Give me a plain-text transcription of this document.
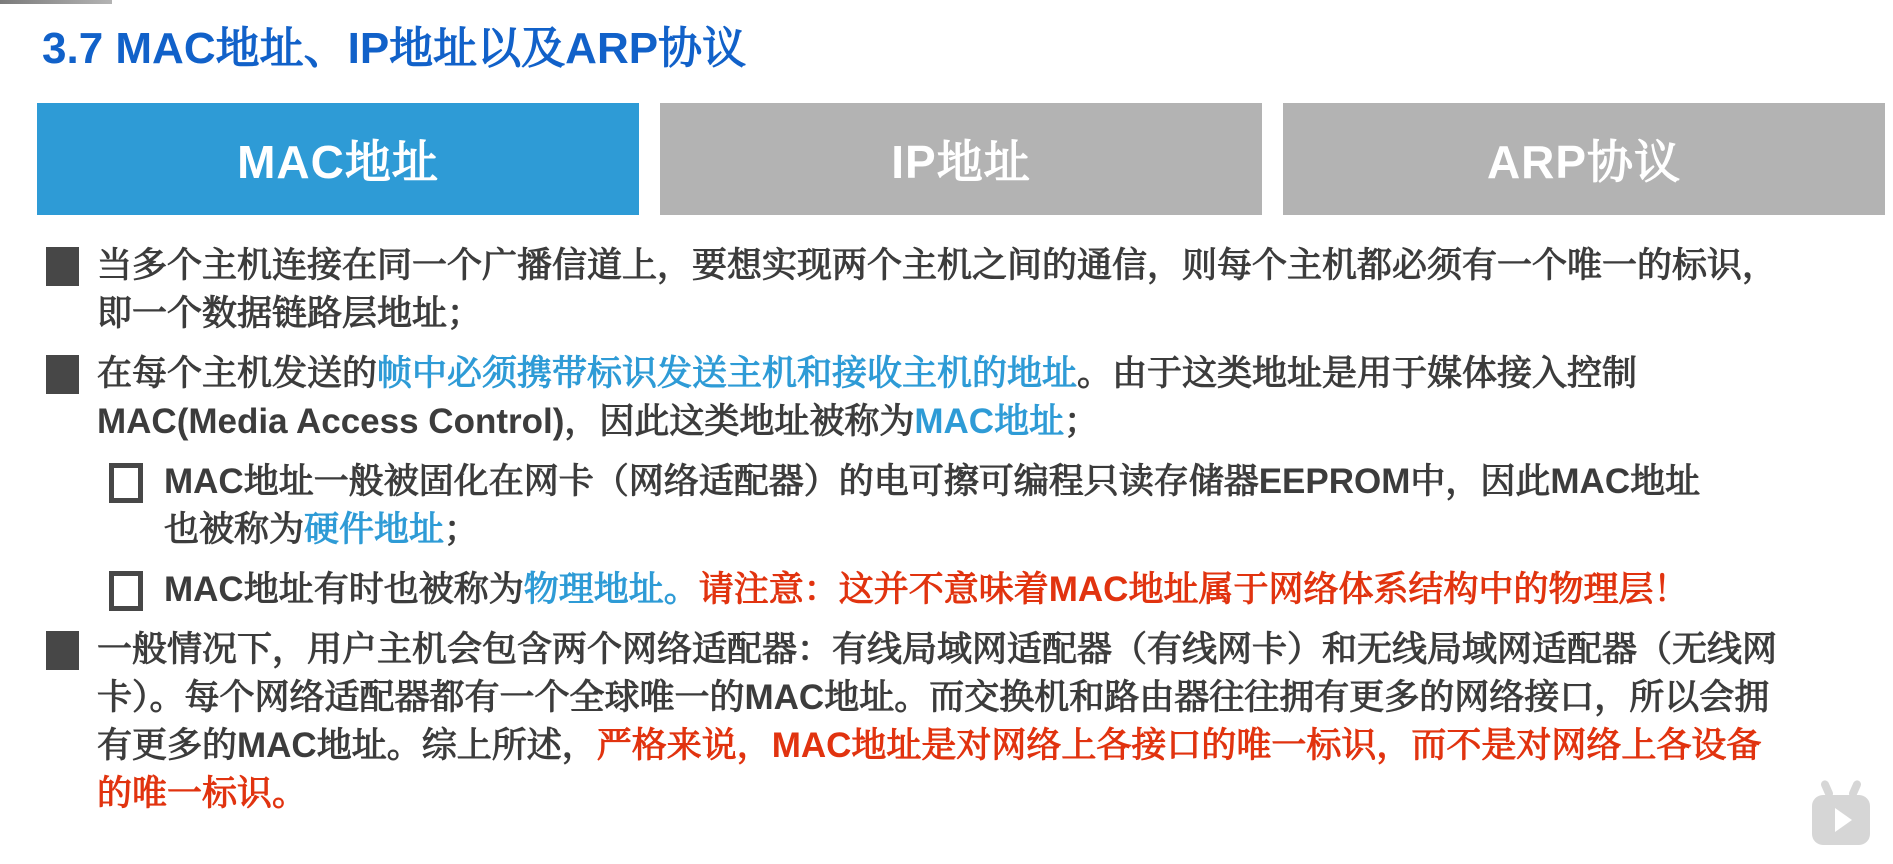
3.7 MAC地址、IP地址以及ARP协议
MAC地址	IP地址	ARP协议
当多个主机连接在同一个广播信道上，要想实现两个主机之间的通信，则每个主机都必须有一个唯一的标识，即一个数据链路层地址；
在每个主机发送的帧中必须携带标识发送主机和接收主机的地址。由于这类地址是用于媒体接入控制MAC(Media Access Control)，因此这类地址被称为MAC地址；
MAC地址一般被固化在网卡（网络适配器）的电可擦可编程只读存储器EEPROM中，因此MAC地址也被称为硬件地址；
MAC地址有时也被称为物理地址。请注意：这并不意味着MAC地址属于网络体系结构中的物理层！
一般情况下，用户主机会包含两个网络适配器：有线局域网适配器（有线网卡）和无线局域网适配器（无线网卡）。每个网络适配器都有一个全球唯一的MAC地址。而交换机和路由器往往拥有更多的网络接口，所以会拥有更多的MAC地址。综上所述，严格来说，MAC地址是对网络上各接口的唯一标识，而不是对网络上各设备的唯一标识。
